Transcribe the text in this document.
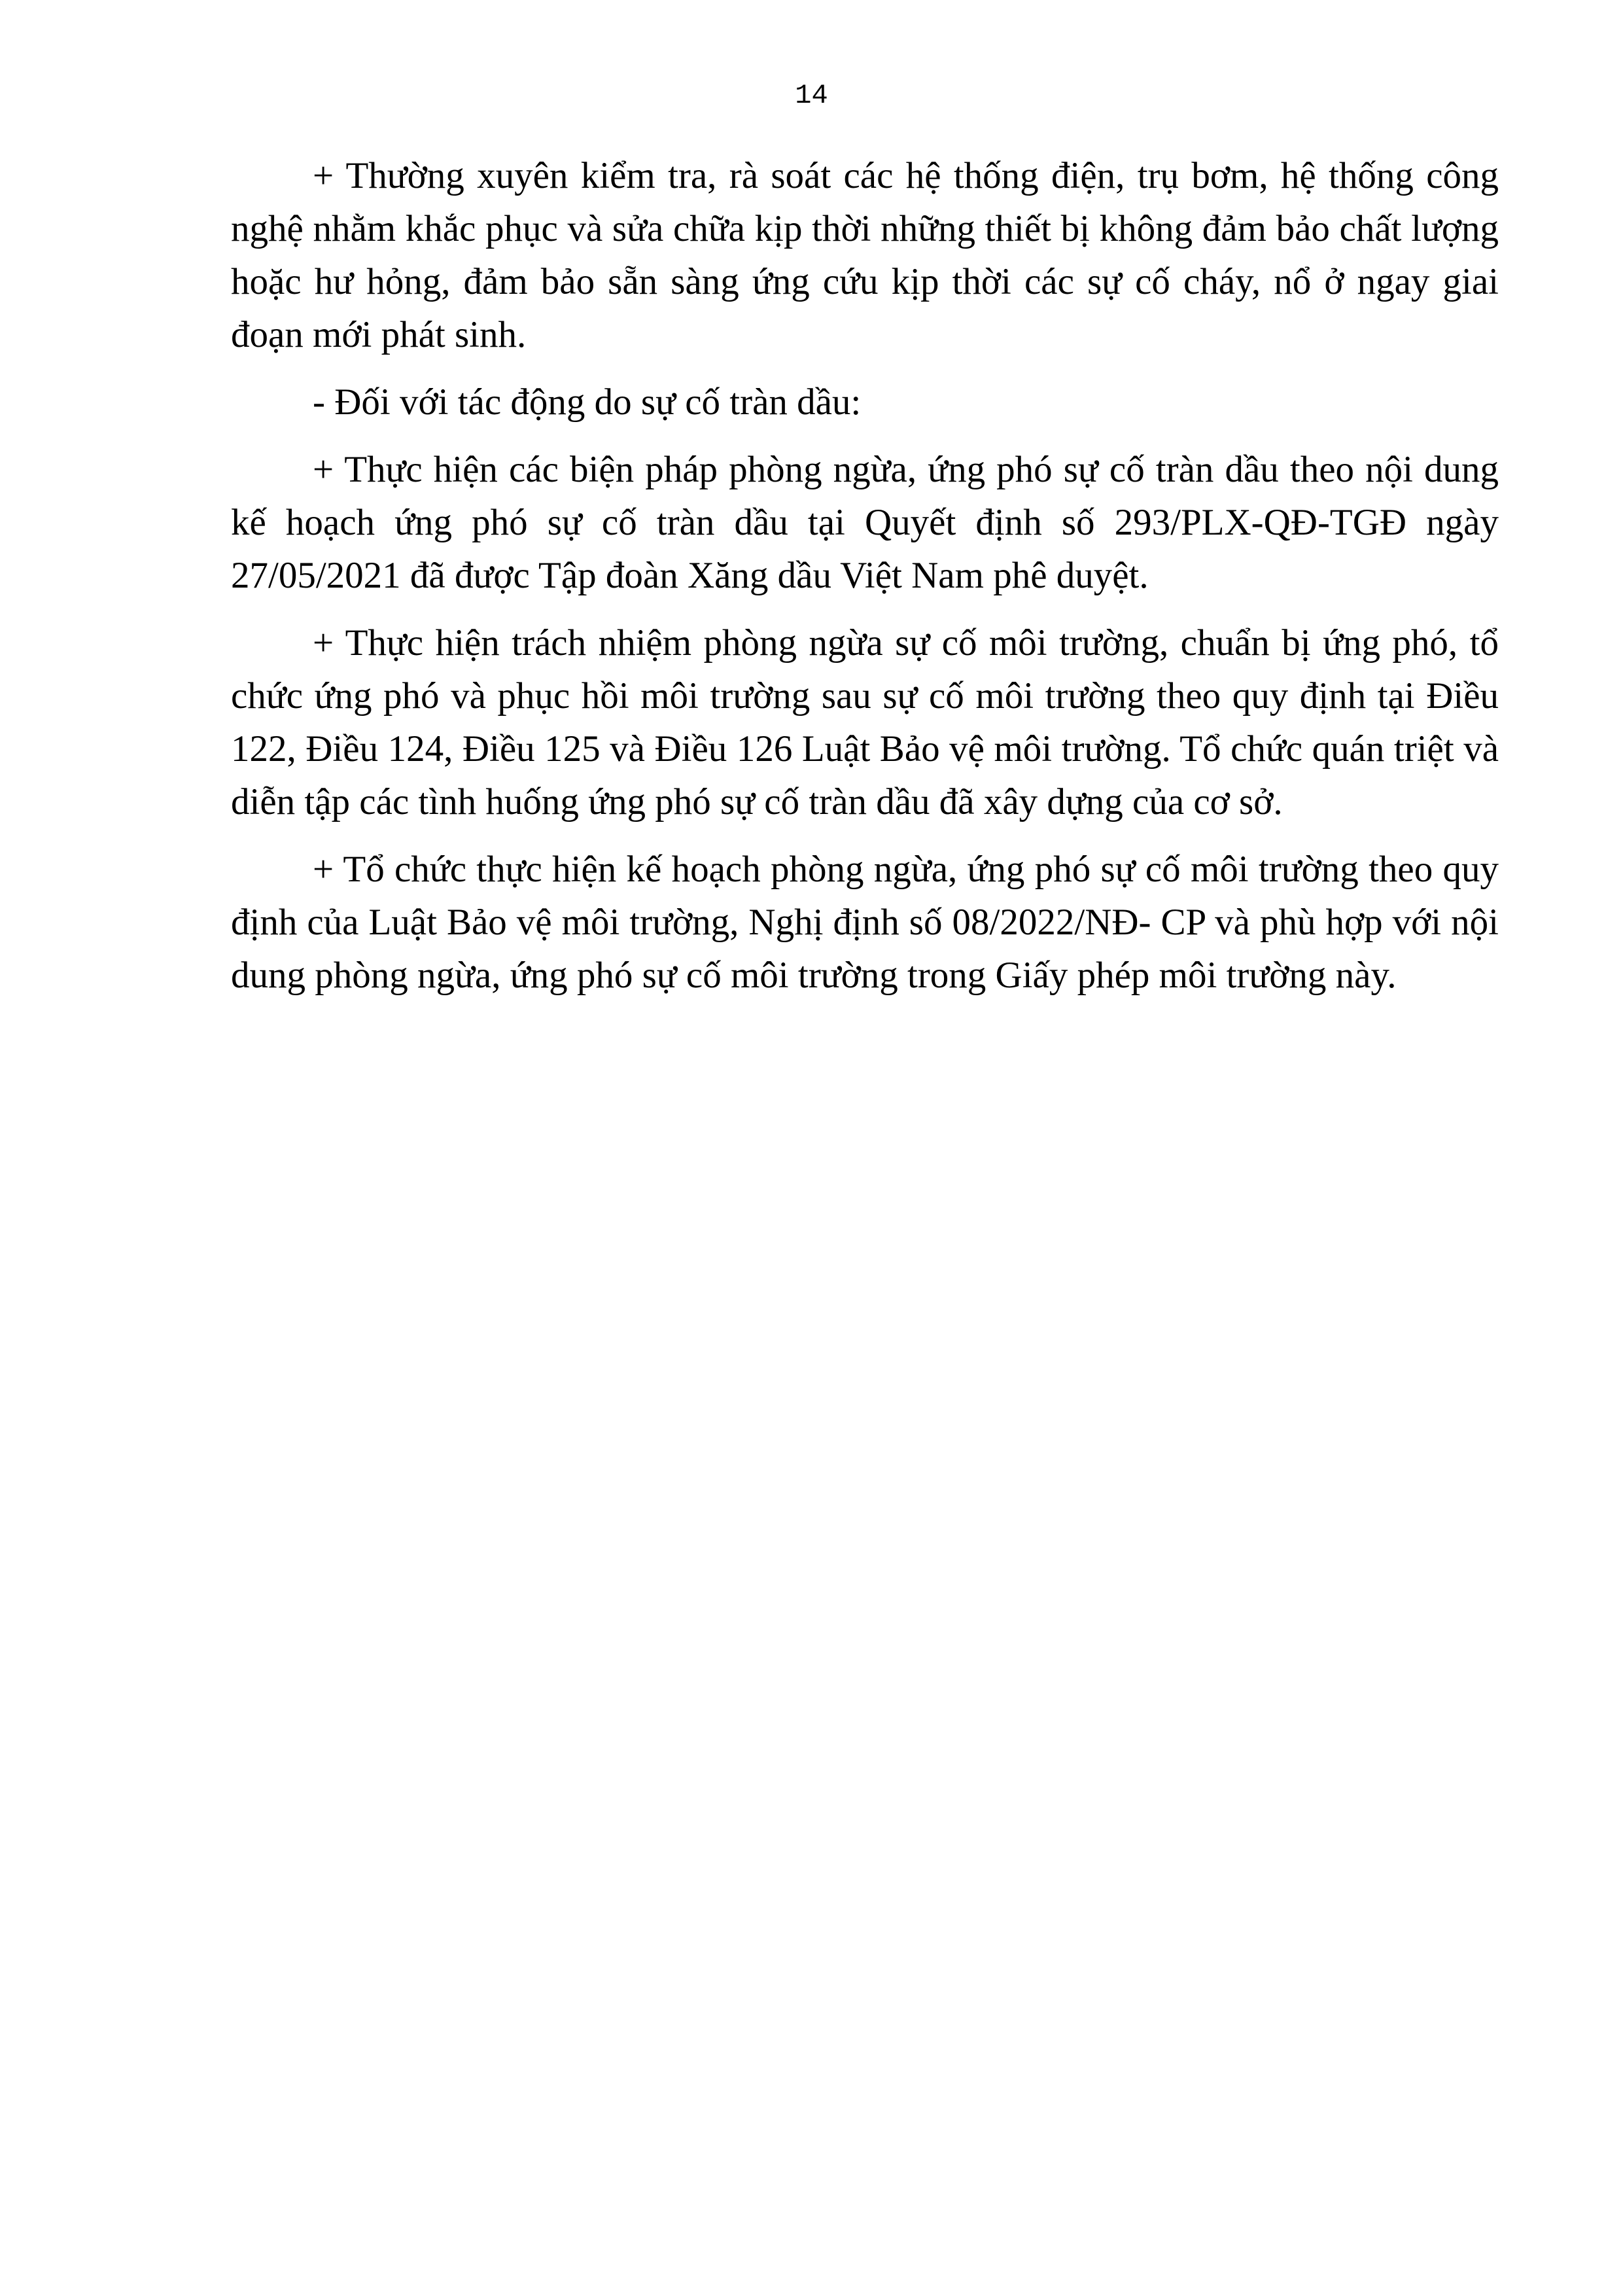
14

+ Thường xuyên kiểm tra, rà soát các hệ thống điện, trụ bơm, hệ thống công nghệ nhằm khắc phục và sửa chữa kịp thời những thiết bị không đảm bảo chất lượng hoặc hư hỏng, đảm bảo sẵn sàng ứng cứu kịp thời các sự cố cháy, nổ ở ngay giai đoạn mới phát sinh.

- Đối với tác động do sự cố tràn dầu:

+ Thực hiện các biện pháp phòng ngừa, ứng phó sự cố tràn dầu theo nội dung kế hoạch ứng phó sự cố tràn dầu tại Quyết định số 293/PLX-QĐ-TGĐ ngày 27/05/2021 đã được Tập đoàn Xăng dầu Việt Nam phê duyệt.

+ Thực hiện trách nhiệm phòng ngừa sự cố môi trường, chuẩn bị ứng phó, tổ chức ứng phó và phục hồi môi trường sau sự cố môi trường theo quy định tại Điều 122, Điều 124, Điều 125 và Điều 126 Luật Bảo vệ môi trường. Tổ chức quán triệt và diễn tập các tình huống ứng phó sự cố tràn dầu đã xây dựng của cơ sở.

+ Tổ chức thực hiện kế hoạch phòng ngừa, ứng phó sự cố môi trường theo quy định của Luật Bảo vệ môi trường, Nghị định số 08/2022/NĐ- CP và phù hợp với nội dung phòng ngừa, ứng phó sự cố môi trường trong Giấy phép môi trường này.
